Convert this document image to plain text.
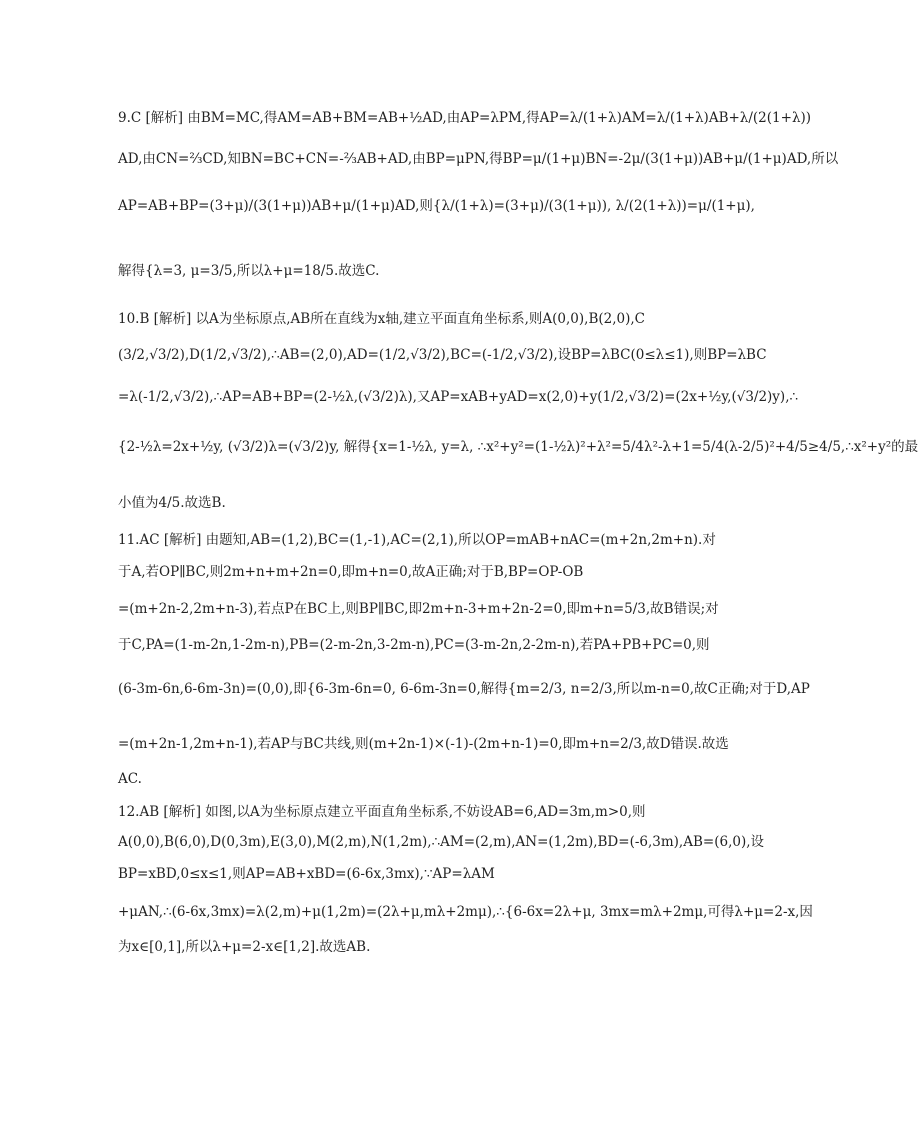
9.C [解析] 由BM=MC,得AM=AB+BM=AB+½AD,由AP=λPM,得AP=λ/(1+λ)AM=λ/(1+λ)AB+λ/(2(1+λ))
AD,由CN=⅔CD,知BN=BC+CN=-⅔AB+AD,由BP=μPN,得BP=μ/(1+μ)BN=-2μ/(3(1+μ))AB+μ/(1+μ)AD,所以
AP=AB+BP=(3+μ)/(3(1+μ))AB+μ/(1+μ)AD,则{λ/(1+λ)=(3+μ)/(3(1+μ)), λ/(2(1+λ))=μ/(1+μ),
解得{λ=3, μ=3/5,所以λ+μ=18/5.故选C.
10.B [解析] 以A为坐标原点,AB所在直线为x轴,建立平面直角坐标系,则A(0,0),B(2,0),C
(3/2,√3/2),D(1/2,√3/2),∴AB=(2,0),AD=(1/2,√3/2),BC=(-1/2,√3/2),设BP=λBC(0≤λ≤1),则BP=λBC
=λ(-1/2,√3/2),∴AP=AB+BP=(2-½λ,(√3/2)λ),又AP=xAB+yAD=x(2,0)+y(1/2,√3/2)=(2x+½y,(√3/2)y),∴
{2-½λ=2x+½y, (√3/2)λ=(√3/2)y, 解得{x=1-½λ, y=λ, ∴x²+y²=(1-½λ)²+λ²=5/4λ²-λ+1=5/4(λ-2/5)²+4/5≥4/5,∴x²+y²的最
小值为4/5.故选B.
11.AC [解析] 由题知,AB=(1,2),BC=(1,-1),AC=(2,1),所以OP=mAB+nAC=(m+2n,2m+n).对
于A,若OP∥BC,则2m+n+m+2n=0,即m+n=0,故A正确;对于B,BP=OP-OB
=(m+2n-2,2m+n-3),若点P在BC上,则BP∥BC,即2m+n-3+m+2n-2=0,即m+n=5/3,故B错误;对
于C,PA=(1-m-2n,1-2m-n),PB=(2-m-2n,3-2m-n),PC=(3-m-2n,2-2m-n),若PA+PB+PC=0,则
(6-3m-6n,6-6m-3n)=(0,0),即{6-3m-6n=0, 6-6m-3n=0,解得{m=2/3, n=2/3,所以m-n=0,故C正确;对于D,AP
=(m+2n-1,2m+n-1),若AP与BC共线,则(m+2n-1)×(-1)-(2m+n-1)=0,即m+n=2/3,故D错误.故选
AC.
12.AB [解析] 如图,以A为坐标原点建立平面直角坐标系,不妨设AB=6,AD=3m,m>0,则
A(0,0),B(6,0),D(0,3m),E(3,0),M(2,m),N(1,2m),∴AM=(2,m),AN=(1,2m),BD=(-6,3m),AB=(6,0),设
BP=xBD,0≤x≤1,则AP=AB+xBD=(6-6x,3mx),∵AP=λAM
+μAN,∴(6-6x,3mx)=λ(2,m)+μ(1,2m)=(2λ+μ,mλ+2mμ),∴{6-6x=2λ+μ, 3mx=mλ+2mμ,可得λ+μ=2-x,因
为x∈[0,1],所以λ+μ=2-x∈[1,2].故选AB.
